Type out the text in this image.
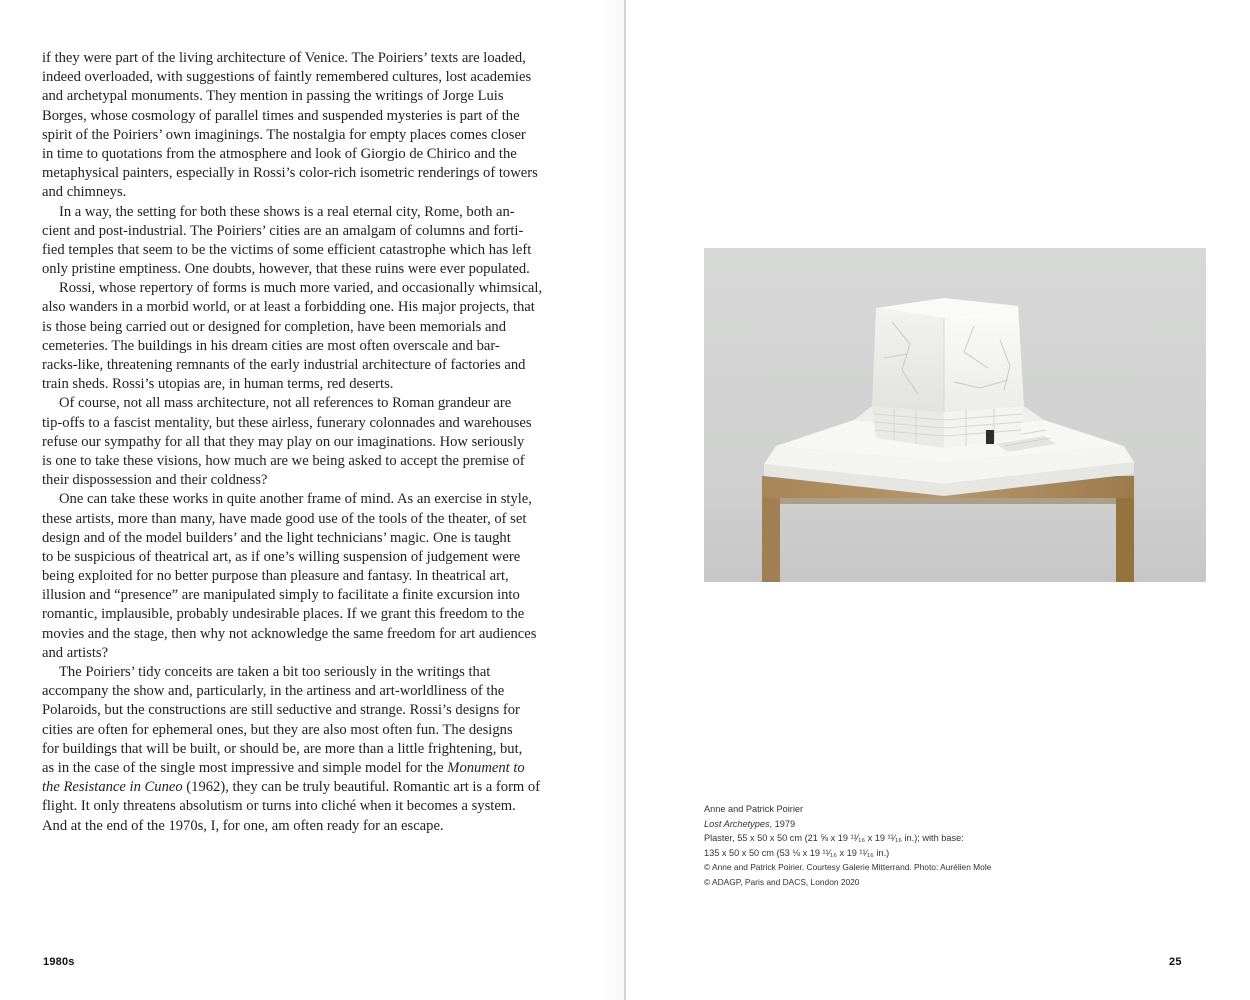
if they were part of the living architecture of Venice. The Poiriers’ texts are loaded,
indeed overloaded, with suggestions of faintly remembered cultures, lost academies
and archetypal monuments. They mention in passing the writings of Jorge Luis
Borges, whose cosmology of parallel times and suspended mysteries is part of the
spirit of the Poiriers’ own imaginings. The nostalgia for empty places comes closer
in time to quotations from the atmosphere and look of Giorgio de Chirico and the
metaphysical painters, especially in Rossi’s color-rich isometric renderings of towers
and chimneys.
In a way, the setting for both these shows is a real eternal city, Rome, both an-
cient and post-industrial. The Poiriers’ cities are an amalgam of columns and forti-
fied temples that seem to be the victims of some efficient catastrophe which has left
only pristine emptiness. One doubts, however, that these ruins were ever populated.
Rossi, whose repertory of forms is much more varied, and occasionally whimsical,
also wanders in a morbid world, or at least a forbidding one. His major projects, that
is those being carried out or designed for completion, have been memorials and
cemeteries. The buildings in his dream cities are most often overscale and bar-
racks-like, threatening remnants of the early industrial architecture of factories and
train sheds. Rossi’s utopias are, in human terms, red deserts.
Of course, not all mass architecture, not all references to Roman grandeur are
tip-offs to a fascist mentality, but these airless, funerary colonnades and warehouses
refuse our sympathy for all that they may play on our imaginations. How seriously
is one to take these visions, how much are we being asked to accept the premise of
their dispossession and their coldness?
One can take these works in quite another frame of mind. As an exercise in style,
these artists, more than many, have made good use of the tools of the theater, of set
design and of the model builders’ and the light technicians’ magic. One is taught
to be suspicious of theatrical art, as if one’s willing suspension of judgement were
being exploited for no better purpose than pleasure and fantasy. In theatrical art,
illusion and “presence” are manipulated simply to facilitate a finite excursion into
romantic, implausible, probably undesirable places. If we grant this freedom to the
movies and the stage, then why not acknowledge the same freedom for art audiences
and artists?
The Poiriers’ tidy conceits are taken a bit too seriously in the writings that
accompany the show and, particularly, in the artiness and art-worldliness of the
Polaroids, but the constructions are still seductive and strange. Rossi’s designs for
cities are often for ephemeral ones, but they are also most often fun. The designs
for buildings that will be built, or should be, are more than a little frightening, but,
as in the case of the single most impressive and simple model for the Monument to
the Resistance in Cuneo (1962), they can be truly beautiful. Romantic art is a form of
flight. It only threatens absolutism or turns into cliché when it becomes a system.
And at the end of the 1970s, I, for one, am often ready for an escape.
1980s
Anne and Patrick Poirier
Lost Archetypes, 1979
Plaster, 55 x 50 x 50 cm (21 ⅝ x 19 ¹¹⁄₁₆ x 19 ¹¹⁄₁₆ in.); with base:
135 x 50 x 50 cm (53 ⅛ x 19 ¹¹⁄₁₆ x 19 ¹¹⁄₁₆ in.)
© Anne and Patrick Poirier. Courtesy Galerie Mitterrand. Photo: Aurélien Mole
© ADAGP, Paris and DACS, London 2020
25
